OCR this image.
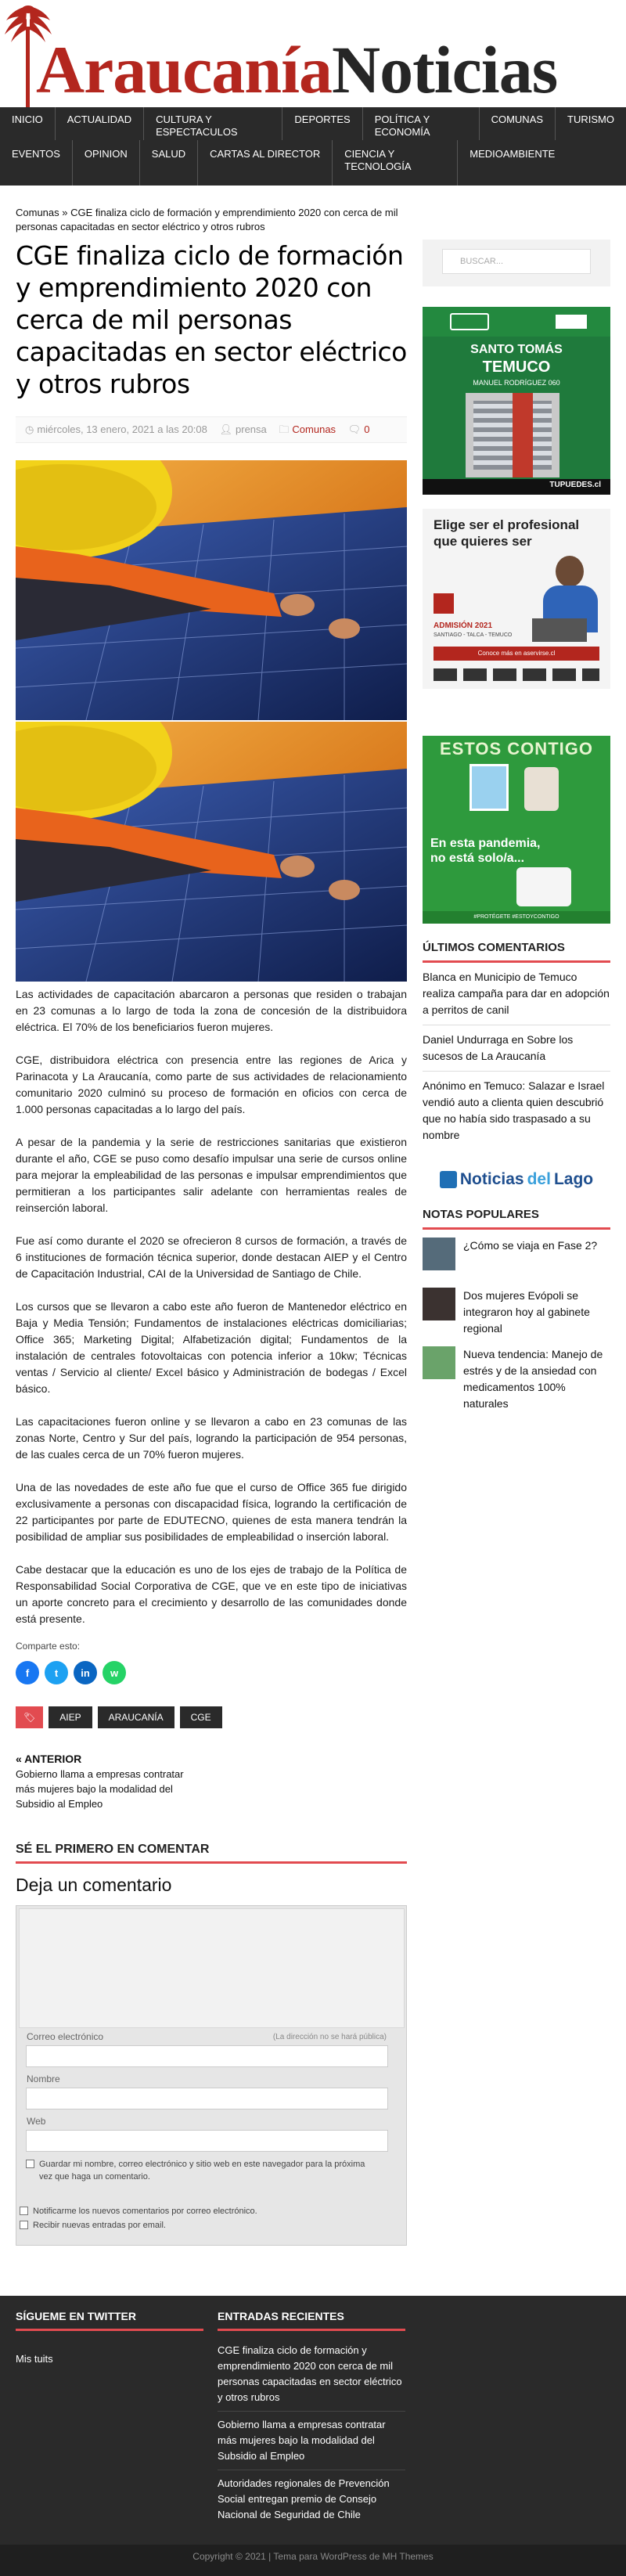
AraucaníaNoticias
INICIO	ACTUALIDAD	CULTURA Y ESPECTACULOS
DEPORTES	POLÍTICA Y ECONOMÍA
COMUNAS	TURISMO
EVENTOS	OPINION	SALUD	CARTAS AL DIRECTOR	CIENCIA Y TECNOLOGÍA
MEDIOAMBIENTE
Comunas » CGE finaliza ciclo de formación y emprendimiento 2020 con cerca de mil personas capacitadas en sector eléctrico y otros rubros
CGE finaliza ciclo de formación y emprendimiento 2020 con cerca de mil personas capacitadas en sector eléctrico y otros rubros
◷ miércoles, 13 enero, 2021 a las 20:08 👤︎ prensa 🗀 Comunas 🗨 0

Las actividades de capacitación abarcaron a personas que residen o trabajan en 23 comunas a lo largo de toda la zona de concesión de la distribuidora eléctrica. El 70% de los beneficiarios fueron mujeres.

CGE, distribuidora eléctrica con presencia entre las regiones de Arica y Parinacota y La Araucanía, como parte de sus actividades de relacionamiento comunitario 2020 culminó su proceso de formación en oficios con cerca de 1.000 personas capacitadas a lo largo del país.

A pesar de la pandemia y la serie de restricciones sanitarias que existieron durante el año, CGE se puso como desafío impulsar una serie de cursos online para mejorar la empleabilidad de las personas e impulsar emprendimientos que permitieran a los participantes salir adelante con herramientas reales de reinserción laboral.

Fue así como durante el 2020 se ofrecieron 8 cursos de formación, a través de 6 instituciones de formación técnica superior, donde destacan AIEP y el Centro de Capacitación Industrial, CAI de la Universidad de Santiago de Chile.

Los cursos que se llevaron a cabo este año fueron de Mantenedor eléctrico en Baja y Media Tensión; Fundamentos de instalaciones eléctricas domiciliarias; Office 365; Marketing Digital; Alfabetización digital; Fundamentos de la instalación de centrales fotovoltaicas con potencia inferior a 10kw; Técnicas ventas / Servicio al cliente/ Excel básico y Administración de bodegas / Excel básico.

Las capacitaciones fueron online y se llevaron a cabo en 23 comunas de las zonas Norte, Centro y Sur del país, logrando la participación de 954 personas, de las cuales cerca de un 70% fueron mujeres.

Una de las novedades de este año fue que el curso de Office 365 fue dirigido exclusivamente a personas con discapacidad física, logrando la certificación de 22 participantes por parte de EDUTECNO, quienes de esta manera tendrán la posibilidad de ampliar sus posibilidades de empleabilidad o inserción laboral.

Cabe destacar que la educación es uno de los ejes de trabajo de la Política de Responsabilidad Social Corporativa de CGE, que ve en este tipo de iniciativas un aporte concreto para el crecimiento y desarrollo de las comunidades donde está presente.

Comparte esto:
f	t	in	w
🏷︎	AIEP	ARAUCANÍA	CGE
« ANTERIOR
Gobierno llama a empresas contratar más mujeres bajo la modalidad del Subsidio al Empleo
SÉ EL PRIMERO EN COMENTAR
Deja un comentario
Correo electrónico	(La dirección no se hará pública)
Nombre
Web
Guardar mi nombre, correo electrónico y sitio web en este navegador para la próxima vez que haga un comentario.
Notificarme los nuevos comentarios por correo electrónico.
Recibir nuevas entradas por email.
BUSCAR...
SANTO TOMÁS
TEMUCO
MANUEL RODRÍGUEZ 060
TUPUEDES.cl
Elige ser el profesional que quieres ser
ADMISIÓN 2021
SANTIAGO - TALCA - TEMUCO
Conoce más en aservirse.cl
ESTOS CONTIGO
En esta pandemia,
no está solo/a...
#PROTÉGETE #ESTOYCONTIGO
ÚLTIMOS COMENTARIOS
Blanca en Municipio de Temuco realiza campaña para dar en adopción a perritos de canil
Daniel Undurraga en Sobre los sucesos de La Araucanía
Anónimo en Temuco: Salazar e Israel vendió auto a clienta quien descubrió que no había sido traspasado a su nombre
Noticias del Lago
NOTAS POPULARES
¿Cómo se viaja en Fase 2?
Dos mujeres Evópoli se integraron hoy al gabinete regional
Nueva tendencia: Manejo de estrés y de la ansiedad con medicamentos 100% naturales
SÍGUEME EN TWITTER
Mis tuits
ENTRADAS RECIENTES
CGE finaliza ciclo de formación y emprendimiento 2020 con cerca de mil personas capacitadas en sector eléctrico y otros rubros
Gobierno llama a empresas contratar más mujeres bajo la modalidad del Subsidio al Empleo
Autoridades regionales de Prevención Social entregan premio de Consejo Nacional de Seguridad de Chile
Copyright © 2021 | Tema para WordPress de MH Themes
